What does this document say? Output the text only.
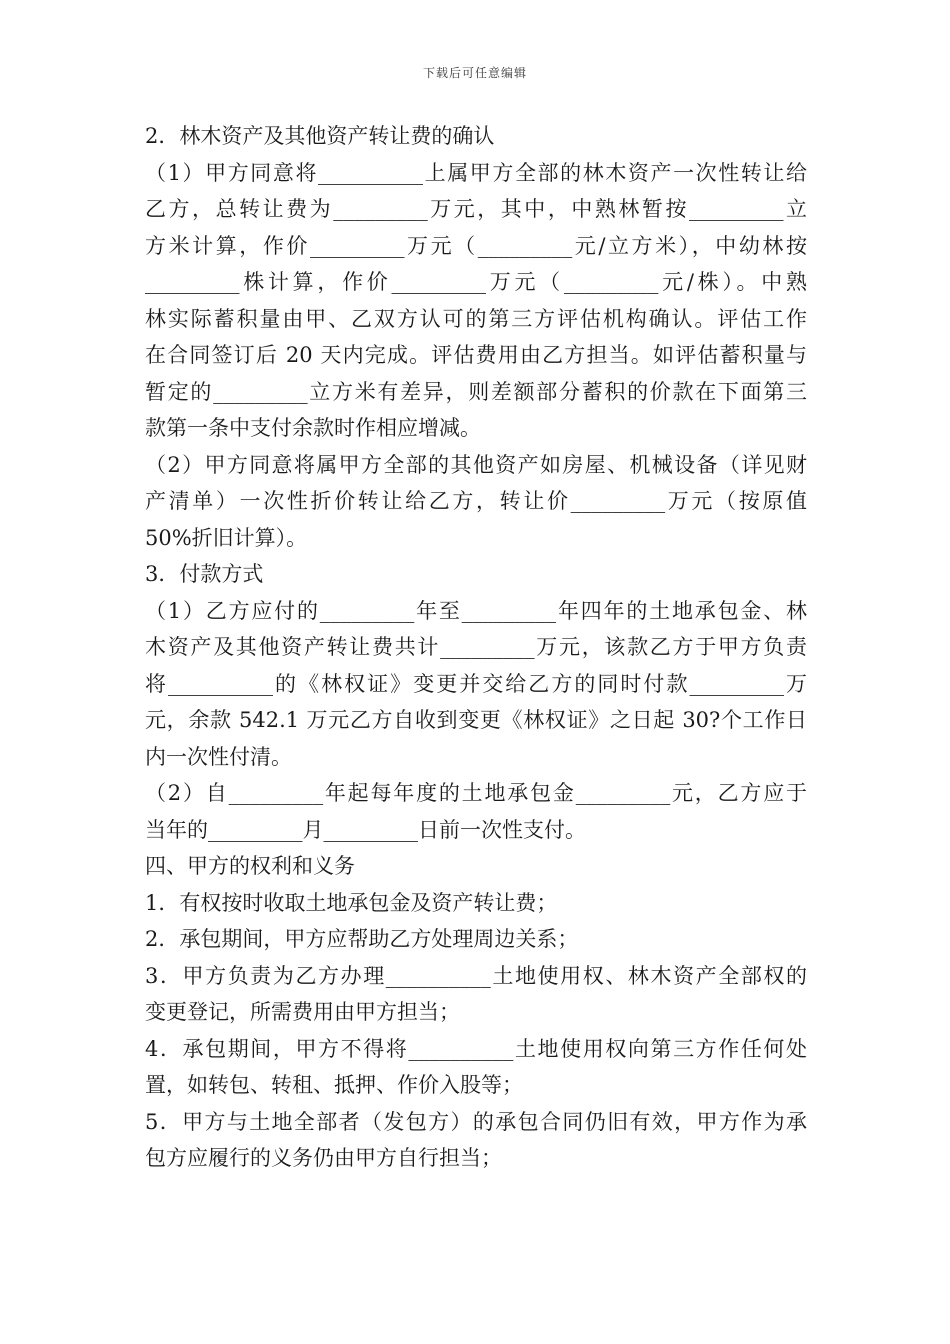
下载后可任意编辑
2．林木资产及其他资产转让费的确认
（1）甲方同意将__________上属甲方全部的林木资产一次性转让给
乙方，总转让费为_________万元，其中，中熟林暂按_________立
方米计算，作价_________万元（_________元/立方米），中幼林按
_________株计算，作价_________万元（_________元/株）。中熟
林实际蓄积量由甲、乙双方认可的第三方评估机构确认。评估工作
在合同签订后 20 天内完成。评估费用由乙方担当。如评估蓄积量与
暂定的_________立方米有差异，则差额部分蓄积的价款在下面第三
款第一条中支付余款时作相应增减。
（2）甲方同意将属甲方全部的其他资产如房屋、机械设备（详见财
产清单）一次性折价转让给乙方，转让价_________万元（按原值
50%折旧计算）。
3．付款方式
（1）乙方应付的_________年至_________年四年的土地承包金、林
木资产及其他资产转让费共计_________万元，该款乙方于甲方负责
将__________的《林权证》变更并交给乙方的同时付款_________万
元，余款 542.1 万元乙方自收到变更《林权证》之日起 30?个工作日
内一次性付清。
（2）自_________年起每年度的土地承包金_________元，乙方应于
当年的_________月_________日前一次性支付。
四、甲方的权利和义务
1．有权按时收取土地承包金及资产转让费；
2．承包期间，甲方应帮助乙方处理周边关系；
3．甲方负责为乙方办理__________土地使用权、林木资产全部权的
变更登记，所需费用由甲方担当；
4．承包期间，甲方不得将__________土地使用权向第三方作任何处
置，如转包、转租、抵押、作价入股等；
5．甲方与土地全部者（发包方）的承包合同仍旧有效，甲方作为承
包方应履行的义务仍由甲方自行担当；
